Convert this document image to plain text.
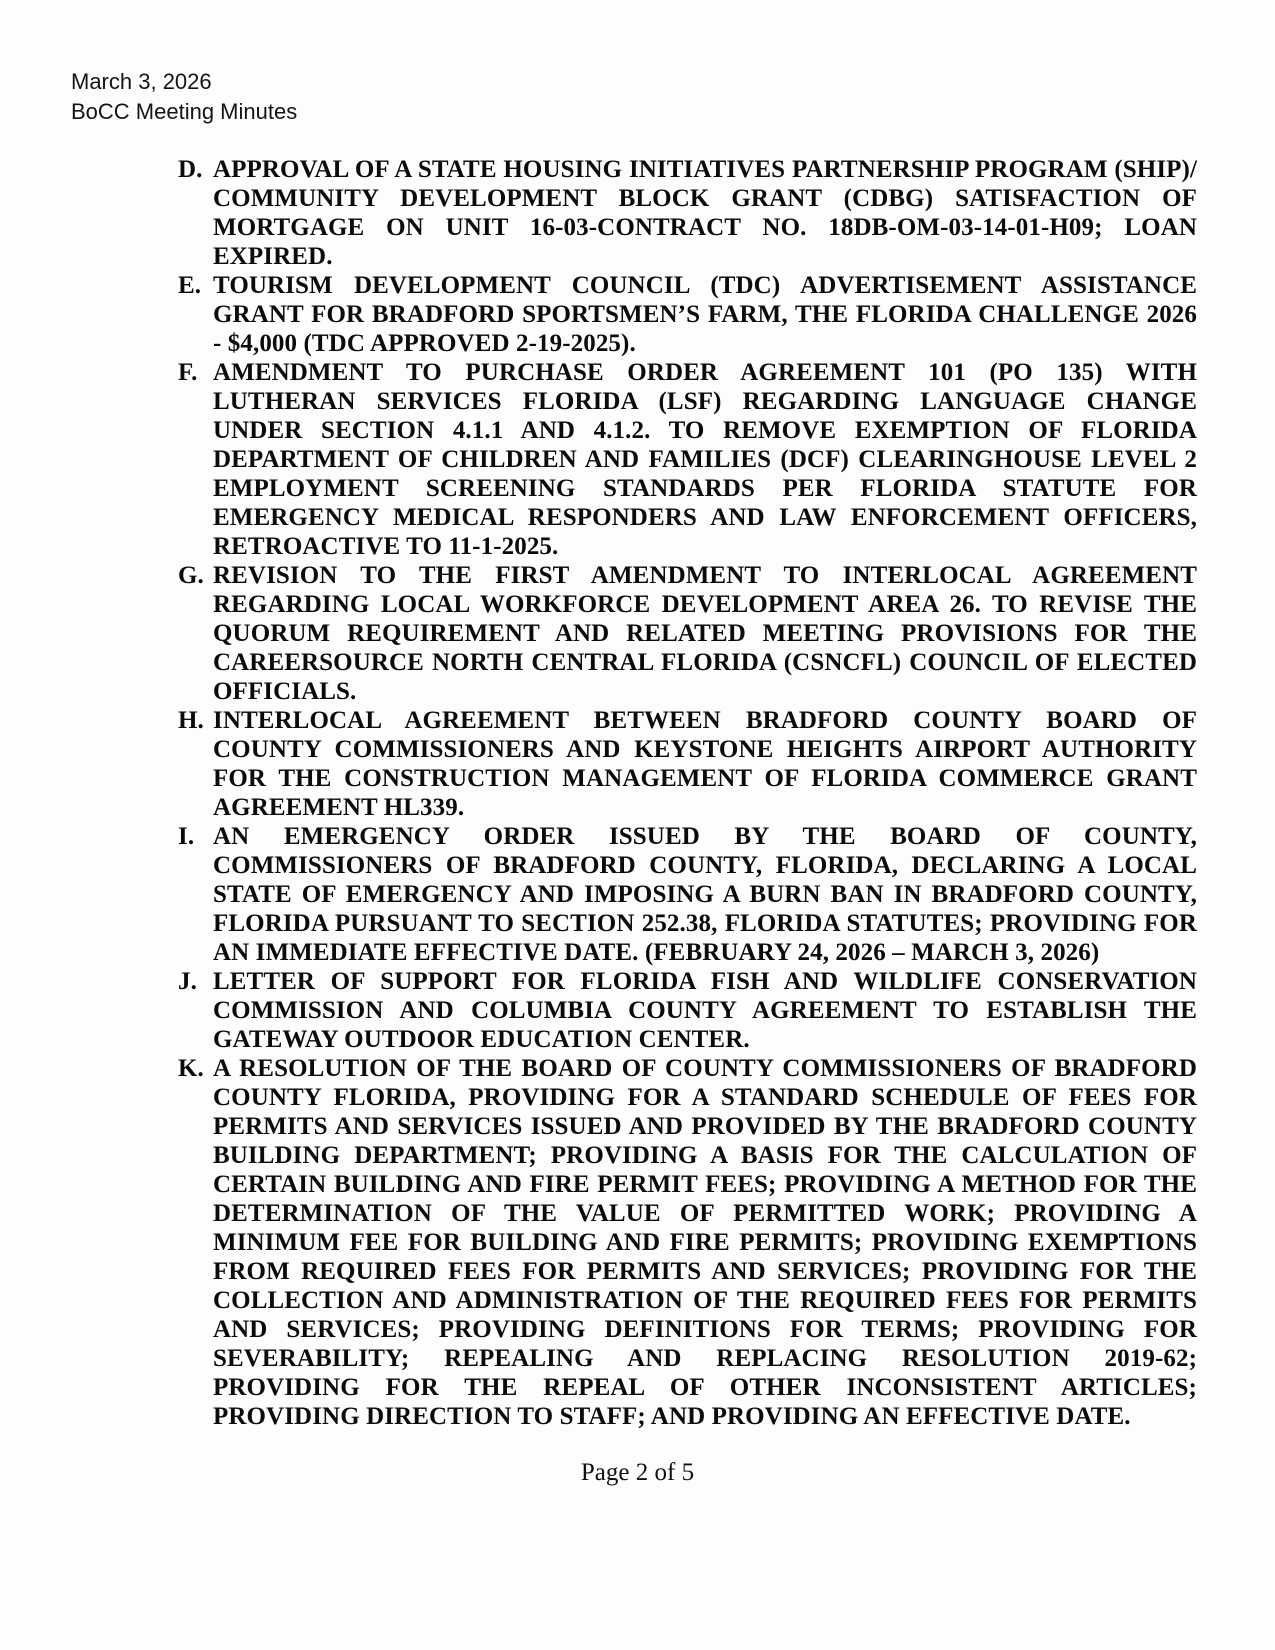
March 3, 2026
BoCC Meeting Minutes
D. APPROVAL OF A STATE HOUSING INITIATIVES PARTNERSHIP PROGRAM (SHIP)/ COMMUNITY DEVELOPMENT BLOCK GRANT (CDBG) SATISFACTION OF MORTGAGE ON UNIT 16-03-CONTRACT NO. 18DB-OM-03-14-01-H09; LOAN EXPIRED.
E. TOURISM DEVELOPMENT COUNCIL (TDC) ADVERTISEMENT ASSISTANCE GRANT FOR BRADFORD SPORTSMEN’S FARM, THE FLORIDA CHALLENGE 2026 - $4,000 (TDC APPROVED 2-19-2025).
F. AMENDMENT TO PURCHASE ORDER AGREEMENT 101 (PO 135) WITH LUTHERAN SERVICES FLORIDA (LSF) REGARDING LANGUAGE CHANGE UNDER SECTION 4.1.1 AND 4.1.2. TO REMOVE EXEMPTION OF FLORIDA DEPARTMENT OF CHILDREN AND FAMILIES (DCF) CLEARINGHOUSE LEVEL 2 EMPLOYMENT SCREENING STANDARDS PER FLORIDA STATUTE FOR EMERGENCY MEDICAL RESPONDERS AND LAW ENFORCEMENT OFFICERS, RETROACTIVE TO 11-1-2025.
G. REVISION TO THE FIRST AMENDMENT TO INTERLOCAL AGREEMENT REGARDING LOCAL WORKFORCE DEVELOPMENT AREA 26. TO REVISE THE QUORUM REQUIREMENT AND RELATED MEETING PROVISIONS FOR THE CAREERSOURCE NORTH CENTRAL FLORIDA (CSNCFL) COUNCIL OF ELECTED OFFICIALS.
H. INTERLOCAL AGREEMENT BETWEEN BRADFORD COUNTY BOARD OF COUNTY COMMISSIONERS AND KEYSTONE HEIGHTS AIRPORT AUTHORITY FOR THE CONSTRUCTION MANAGEMENT OF FLORIDA COMMERCE GRANT AGREEMENT HL339.
I. AN EMERGENCY ORDER ISSUED BY THE BOARD OF COUNTY, COMMISSIONERS OF BRADFORD COUNTY, FLORIDA, DECLARING A LOCAL STATE OF EMERGENCY AND IMPOSING A BURN BAN IN BRADFORD COUNTY, FLORIDA PURSUANT TO SECTION 252.38, FLORIDA STATUTES; PROVIDING FOR AN IMMEDIATE EFFECTIVE DATE. (FEBRUARY 24, 2026 – MARCH 3, 2026)
J. LETTER OF SUPPORT FOR FLORIDA FISH AND WILDLIFE CONSERVATION COMMISSION AND COLUMBIA COUNTY AGREEMENT TO ESTABLISH THE GATEWAY OUTDOOR EDUCATION CENTER.
K. A RESOLUTION OF THE BOARD OF COUNTY COMMISSIONERS OF BRADFORD COUNTY FLORIDA, PROVIDING FOR A STANDARD SCHEDULE OF FEES FOR PERMITS AND SERVICES ISSUED AND PROVIDED BY THE BRADFORD COUNTY BUILDING DEPARTMENT; PROVIDING A BASIS FOR THE CALCULATION OF CERTAIN BUILDING AND FIRE PERMIT FEES; PROVIDING A METHOD FOR THE DETERMINATION OF THE VALUE OF PERMITTED WORK; PROVIDING A MINIMUM FEE FOR BUILDING AND FIRE PERMITS; PROVIDING EXEMPTIONS FROM REQUIRED FEES FOR PERMITS AND SERVICES; PROVIDING FOR THE COLLECTION AND ADMINISTRATION OF THE REQUIRED FEES FOR PERMITS AND SERVICES; PROVIDING DEFINITIONS FOR TERMS; PROVIDING FOR SEVERABILITY; REPEALING AND REPLACING RESOLUTION 2019-62; PROVIDING FOR THE REPEAL OF OTHER INCONSISTENT ARTICLES; PROVIDING DIRECTION TO STAFF; AND PROVIDING AN EFFECTIVE DATE.
Page 2 of 5
